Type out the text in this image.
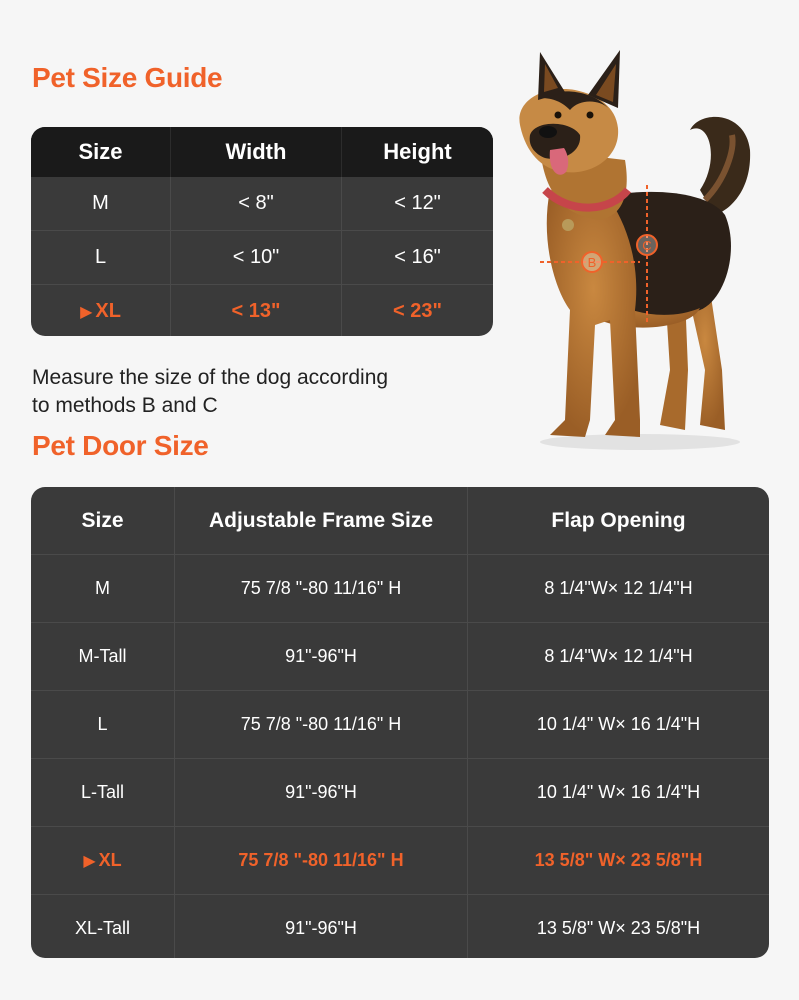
Pet Size Guide
Size	Width	Height
M	< 8"	< 12"
L	< 10"	< 16"
▶ XL	< 13"	< 23"

Measure the size of the dog according
to methods B and C

B
C
Pet Door Size
Size	Adjustable Frame Size	Flap Opening
M	75 7/8 "-80 11/16" H	8 1/4"W× 12 1/4"H
M-Tall	91"-96"H	8 1/4"W× 12 1/4"H
L	75 7/8 "-80 11/16" H	10 1/4" W× 16 1/4"H
L-Tall	91"-96"H	10 1/4" W× 16 1/4"H
▶ XL	75 7/8 "-80 11/16" H	13 5/8" W× 23 5/8"H
XL-Tall	91"-96"H	13 5/8" W× 23 5/8"H
